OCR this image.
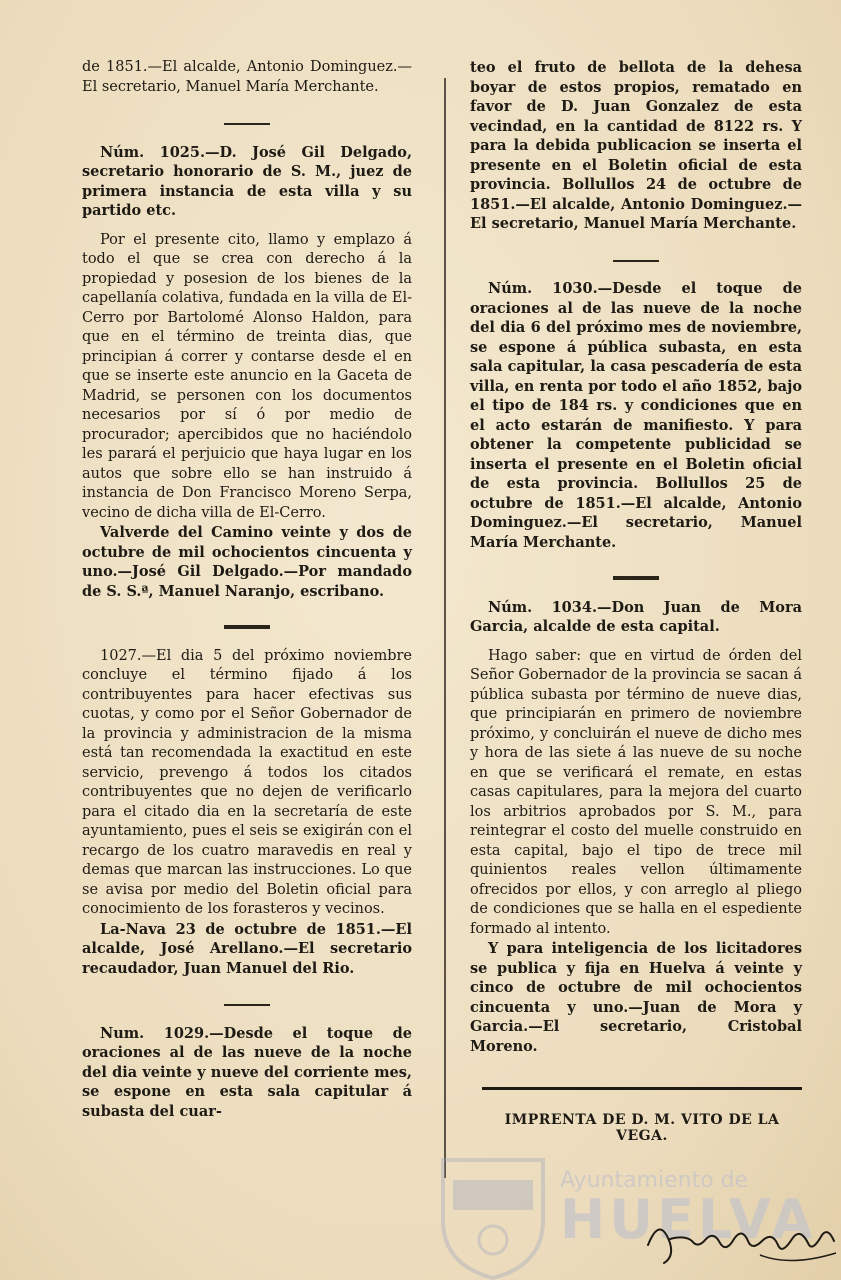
de 1851.—El alcalde, Antonio Dominguez.—El secretario, Manuel María Merchante.

Núm. 1025.—D. José Gil Delgado, secretario honorario de S. M., juez de primera instancia de esta villa y su partido etc.

Por el presente cito, llamo y emplazo á todo el que se crea con derecho á la propiedad y posesion de los bienes de la capellanía colativa, fundada en la villa de El-Cerro por Bartolomé Alonso Haldon, para que en el término de treinta dias, que principian á correr y contarse desde el en que se inserte este anuncio en la Gaceta de Madrid, se personen con los documentos necesarios por sí ó por medio de procurador; apercibidos que no haciéndolo les parará el perjuicio que haya lugar en los autos que sobre ello se han instruido á instancia de Don Francisco Moreno Serpa, vecino de dicha villa de El-Cerro.

Valverde del Camino veinte y dos de octubre de mil ochocientos cincuenta y uno.—José Gil Delgado.—Por mandado de S. S.ª, Manuel Naranjo, escribano.

1027.—El dia 5 del próximo noviembre concluye el término fijado á los contribuyentes para hacer efectivas sus cuotas, y como por el Señor Gobernador de la provincia y administracion de la misma está tan recomendada la exactitud en este servicio, prevengo á todos los citados contribuyentes que no dejen de verificarlo para el citado dia en la secretaría de este ayuntamiento, pues el seis se exigirán con el recargo de los cuatro maravedis en real y demas que marcan las instrucciones. Lo que se avisa por medio del Boletin oficial para conocimiento de los forasteros y vecinos.

La-Nava 23 de octubre de 1851.—El alcalde, José Arellano.—El secretario recaudador, Juan Manuel del Rio.

Num. 1029.—Desde el toque de oraciones al de las nueve de la noche del dia veinte y nueve del corriente mes, se espone en esta sala capitular á subasta del cuar-

teo el fruto de bellota de la dehesa boyar de estos propios, rematado en favor de D. Juan Gonzalez de esta vecindad, en la cantidad de 8122 rs. Y para la debida publicacion se inserta el presente en el Boletin oficial de esta provincia. Bollullos 24 de octubre de 1851.—El alcalde, Antonio Dominguez.—El secretario, Manuel María Merchante.

Núm. 1030.—Desde el toque de oraciones al de las nueve de la noche del dia 6 del próximo mes de noviembre, se espone á pública subasta, en esta sala capitular, la casa pescadería de esta villa, en renta por todo el año 1852, bajo el tipo de 184 rs. y condiciones que en el acto estarán de manifiesto. Y para obtener la competente publicidad se inserta el presente en el Boletin oficial de esta provincia. Bollullos 25 de octubre de 1851.—El alcalde, Antonio Dominguez.—El secretario, Manuel María Merchante.

Núm. 1034.—Don Juan de Mora Garcia, alcalde de esta capital.

Hago saber: que en virtud de órden del Señor Gobernador de la provincia se sacan á pública subasta por término de nueve dias, que principiarán en primero de noviembre próximo, y concluirán el nueve de dicho mes y hora de las siete á las nueve de su noche en que se verificará el remate, en estas casas capitulares, para la mejora del cuarto los arbitrios aprobados por S. M., para reintegrar el costo del muelle construido en esta capital, bajo el tipo de trece mil quinientos reales vellon últimamente ofrecidos por ellos, y con arreglo al pliego de condiciones que se halla en el espediente formado al intento.

Y para inteligencia de los licitadores se publica y fija en Huelva á veinte y cinco de octubre de mil ochocientos cincuenta y uno.—Juan de Mora y Garcia.—El secretario, Cristobal Moreno.

IMPRENTA DE D. M. VITO DE LA VEGA.
Ayuntamiento de
HUELVA
